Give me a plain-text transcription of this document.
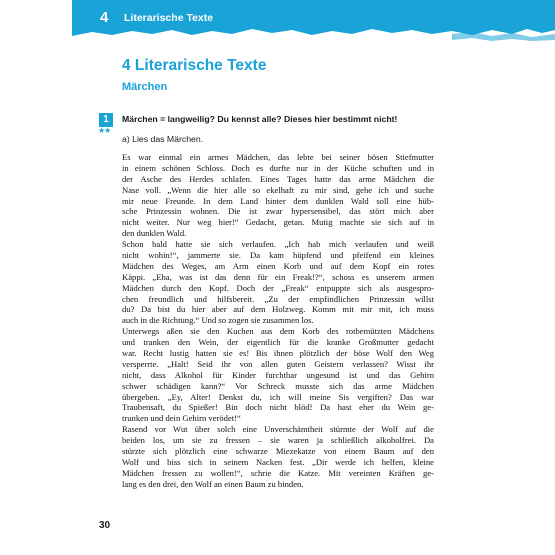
4 Literarische Texte
4 Literarische Texte
Märchen
1
★★
Märchen = langweilig? Du kennst alle? Dieses hier bestimmt nicht!
a) Lies das Märchen.
Es war einmal ein armes Mädchen, das lebte bei seiner bösen Stiefmutter
in einem schönen Schloss. Doch es durfte nur in der Küche schuften und in
der Asche des Herdes schlafen. Eines Tages hatte das arme Mädchen die
Nase voll. „Wenn die hier alle so ekelhaft zu mir sind, gehe ich und suche
mir neue Freunde. In dem Land hinter dem dunklen Wald soll eine hüb-
sche Prinzessin wohnen. Die ist zwar hypersensibel, das stört mich aber
nicht weiter. Nur weg hier!“ Gedacht, getan. Mutig machte sie sich auf in
den dunklen Wald.
Schon bald hatte sie sich verlaufen. „Ich hab mich verlaufen und weiß
nicht wohin!“, jammerte sie. Da kam hüpfend und pfeifend ein kleines
Mädchen des Weges, am Arm einen Korb und auf dem Kopf ein rotes
Käppi. „Eha, was ist das denn für ein Freak!?“, schoss es unserem armen
Mädchen durch den Kopf. Doch der „Freak“ entpuppte sich als ausgespro-
chen freundlich und hilfsbereit. „Zu der empfindlichen Prinzessin willst
du? Da bist du hier aber auf dem Holzweg. Komm mit mir mit, ich muss
auch in die Richtung.“ Und so zogen sie zusammen los.
Unterwegs aßen sie den Kuchen aus dem Korb des rotbemützten Mädchens
und tranken den Wein, der eigentlich für die kranke Großmutter gedacht
war. Recht lustig hatten sie es! Bis ihnen plötzlich der böse Wolf den Weg
versperrte. „Halt! Seid ihr von allen guten Geistern verlassen? Wisst ihr
nicht, dass Alkohol für Kinder furchtbar ungesund ist und das Gehirn
schwer schädigen kann?“ Vor Schreck musste sich das arme Mädchen
übergeben. „Ey, Alter! Denkst du, ich will meine Sis vergiften? Das war
Traubensaft, du Spießer! Bin doch nicht blöd! Da hast eher du Wein ge-
trunken und dein Gehirn verödet!“
Rasend vor Wut über solch eine Unverschämtheit stürmte der Wolf auf die
beiden los, um sie zu fressen – sie waren ja schließlich alkoholfrei. Da
stürzte sich plötzlich eine schwarze Miezekatze von einem Baum auf den
Wolf und biss sich in seinem Nacken fest. „Dir werde ich helfen, kleine
Mädchen fressen zu wollen!“, schrie die Katze. Mit vereinten Kräften ge-
lang es den drei, den Wolf an einen Baum zu binden.
30
